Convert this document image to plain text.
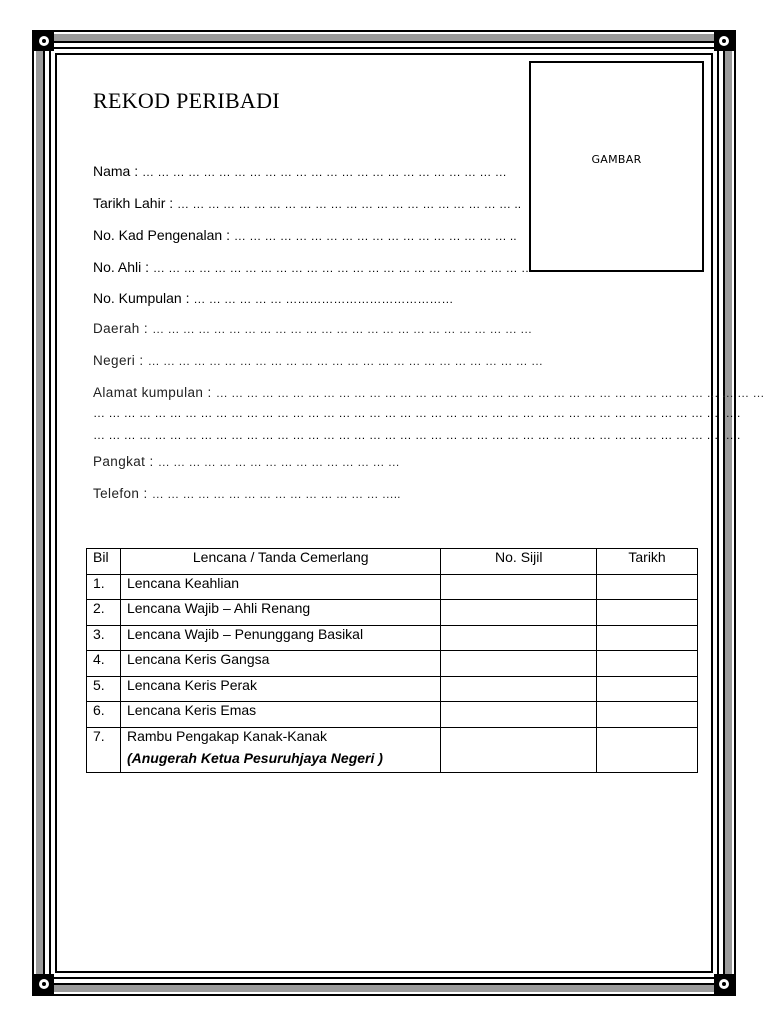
REKOD PERIBADI
GAMBAR
Nama : … … … … … … … … … … … … … … … … … … … … … … … …
Tarikh Lahir : … … … … … … … … … … … … … … … … … … … … … … ..
No. Kad Pengenalan : … … … … … … … … … … … … … … … … … … ..
No. Ahli : … … … … … … … … … … … … … … … … … … … … … … … … …
No. Kumpulan : … … … … … … ……………………………………
Daerah : … … … … … … … … … … … … … … … … … … … … … … … … …
Negeri : … … … … … … … … … … … … … … … … … … … … … … … … … …
Alamat kumpulan : … … … … … … … … … … … … … … … … … … … … … … … … … … … … … … … … … … … …
… … … … … … … … … … … … … … … … … … … … … … … … … … … … … … … … … … … … … … … … … … .
… … … … … … … … … … … … … … … … … … … … … … … … … … … … … … … … … … … … … … … … … … .
Pangkat : … … … … … … … … … … … … … … … …
Telefon : … … … … … … … … … … … … … … … …..
Bil	Lencana / Tanda Cemerlang	No. Sijil	Tarikh
1.	Lencana Keahlian		
2.	Lencana Wajib – Ahli Renang		
3.	Lencana Wajib – Penunggang Basikal		
4.	Lencana Keris Gangsa		
5.	Lencana Keris Perak		
6.	Lencana Keris Emas		
7.	Rambu Pengakap Kanak-Kanak
(Anugerah Ketua Pesuruhjaya Negeri )		
